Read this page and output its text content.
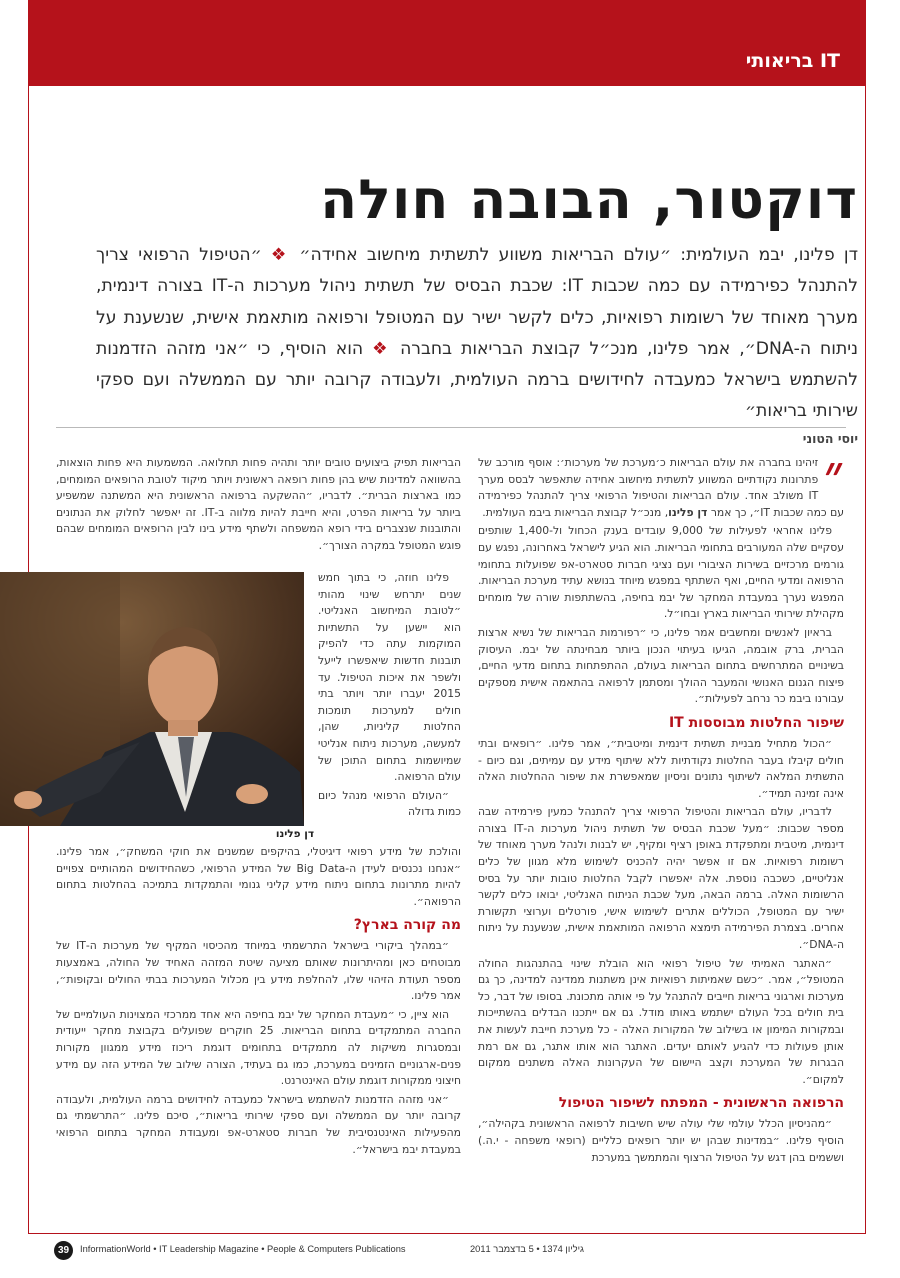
IT בריאותי
דוקטור, הבובה חולה
דן פלינו, יבמ העולמית: ״עולם הבריאות משווע לתשתית מיחשוב אחידה״ ❖ ״הטיפול הרפואי צריך להתנהל כפירמידה עם כמה שכבות IT: שכבת הבסיס של תשתית ניהול מערכות ה-IT בצורה דינמית, מערך מאוחד של רשומות רפואיות, כלים לקשר ישיר עם המטופל ורפואה מותאמת אישית, שנשענת על ניתוח ה-DNA״, אמר פלינו, מנכ״ל קבוצת הבריאות בחברה ❖ הוא הוסיף, כי ״אני מזהה הזדמנות להשתמש בישראל כמעבדה לחידושים ברמה העולמית, ולעבודה קרובה יותר עם הממשלה ועם ספקי שירותי בריאות״
יוסי הטוני

״
זיהינו בחברה את עולם הבריאות כ׳מערכת של מערכות׳: אוסף מורכב של פתרונות נקודתיים המשווע לתשתית מיחשוב אחידה שתאפשר לבסס מערך IT משולב אחד. עולם הבריאות והטיפול הרפואי צריך להתנהל כפירמידה עם כמה שכבות IT״, כך אמר דן פלינו, מנכ״ל קבוצת הבריאות ביבמ העולמית.

פלינו אחראי לפעילות של 9,000 עובדים בענק הכחול ול-1,400 שותפים עסקיים שלה המעורבים בתחומי הבריאות. הוא הגיע לישראל באחרונה, נפגש עם גורמים מרכזיים בשירות הציבורי ועם נציגי חברות סטארט-אפ שפועלות בתחומי הרפואה ומדעי החיים, ואף השתתף במפגש מיוחד בנושא עתיד מערכת הבריאות. המפגש נערך במעבדת המחקר של יבמ בחיפה, בהשתתפות שורה של מומחים מקהילת שירותי הבריאות בארץ ובחו״ל.

בראיון לאנשים ומחשבים אמר פלינו, כי ״רפורמות הבריאות של נשיא ארצות הברית, ברק אובמה, הגיעו בעיתוי הנכון ביותר מבחינתה של יבמ. העיסוק בשינויים המתרחשים בתחום הבריאות בעולם, ההתפתחות בתחום מדעי החיים, פיצוח הגנום האנושי והמעבר ההולך ומסתמן לרפואה בהתאמה אישית מספקים עבורנו ביבמ כר נרחב לפעילות״.

שיפור החלטות מבוססות IT

״הכול מתחיל מבניית תשתית דינמית ומיטבית״, אמר פלינו. ״רופאים ובתי חולים קיבלו בעבר החלטות נקודתיות ללא שיתוף מידע עם עמיתים, וגם כיום - התשתית המלאה לשיתוף נתונים וניסיון שמאפשרת את שיפור ההחלטות האלה אינה זמינה תמיד״.

לדבריו, עולם הבריאות והטיפול הרפואי צריך להתנהל כמעין פירמידה שבה מספר שכבות: ״מעל שכבת הבסיס של תשתית ניהול מערכות ה-IT בצורה דינמית, מיטבית ומתפקדת באופן רציף ומקיף, יש לבנות ולנהל מערך מאוחד של רשומות רפואיות. אם זו אפשר יהיה להכניס לשימוש מלא מגוון של כלים אנליטיים, כשכבה נוספת. אלה יאפשרו לקבל החלטות טובות יותר על בסיס הרשומות האלה. ברמה הבאה, מעל שכבת הניתוח האנליטי, יבואו כלים לקשר ישיר עם המטופל, הכוללים אתרים לשימוש אישי, פורטלים וערוצי תקשורת אחרים. בצמרת הפירמידה תימצא הרפואה המותאמת אישית, שנשענת על ניתוח ה-DNA״.

״האתגר האמיתי של טיפול רפואי הוא הובלת שינוי בהתנהגות החולה המטופל״, אמר. ״כשם שאמיתות רפואיות אינן משתנות ממדינה למדינה, כך גם מערכות וארגוני בריאות חייבים להתנהל על פי אותה מתכונת. בסופו של דבר, כל בית חולים בכל העולם ישתמש באותו מודל. גם אם ייתכנו הבדלים בהשתייכות ובמקורות המימון או בשילוב של המקורות האלה - כל מערכת חייבת לעשות את אותן פעולות כדי להגיע לאותם יעדים. האתגר הוא אותו אתגר, גם אם רמת הבגרות של המערכת וקצב היישום של העקרונות האלה משתנים ממקום למקום״.

הרפואה הראשונית - המפתח לשיפור הטיפול

״מהניסיון הכלל עולמי שלי עולה שיש חשיבות לרפואה הראשונית בקהילה״, הוסיף פלינו. ״במדינות שבהן יש יותר רופאים כלליים (רופאי משפחה - י.ה.) וששמים בהן דגש על הטיפול הרצוף והמתמשך במערכת

הבריאות תפיק ביצועים טובים יותר ותהיה פחות תחלואה. המשמעות היא פחות הוצאות, בהשוואה למדינות שיש בהן פחות רופאה ראשונית ויותר מיקוד לטובת הרופאים המומחים, כמו בארצות הברית״. לדבריו, ״ההשקעה ברפואה הראשונית היא המשתנה שמשפיע ביותר על בריאות הפרט, והיא חייבת להיות מלווה ב-IT. זה יאפשר לחלוק את הנתונים והתובנות שנצברים בידי רופא המשפחה ולשתף מידע בינו לבין הרופאים המומחים שבהם פוגש המטופל במקרה הצורך״.

דן פלינו

פלינו חוזה, כי בתוך חמש שנים יתרחש שינוי מהותי ״לטובת המיחשוב האנליטי. הוא יישען על התשתיות המוקמות עתה כדי להפיק תובנות חדשות שיאפשרו לייעל ולשפר את איכות הטיפול. עד 2015 יעברו יותר ויותר בתי חולים למערכות תומכות החלטות קליניות, שהן, למעשה, מערכות ניתוח אנליטי שמיושמות בתחום התוכן של עולם הרפואה.

״העולם הרפואי מנהל כיום כמות גדולה

והולכת של מידע רפואי דיגיטלי, בהיקפים שמשנים את חוקי המשחק״, אמר פלינו. ״אנחנו נכנסים לעידן ה-Big Data של המידע הרפואי, כשהחידושים המהותיים צפויים להיות מתרונות בתחום ניתוח מידע קליני גנומי והתמקדות בתמיכה בהחלטות בתחום הרפואה״.

מה קורה בארץ?

״במהלך ביקורי בישראל התרשמתי במיוחד מהכיסוי המקיף של מערכות ה-IT של מבוטחים כאן ומהיתרונות שאותם מציעה שיטת המזהה האחיד של החולה, באמצעות מספר תעודת הזיהוי שלו, להחלפת מידע בין מכלול המערכות בבתי החולים ובקופות״, אמר פלינו.

הוא ציין, כי ״מעבדת המחקר של יבמ בחיפה היא אחד ממרכזי המצוינות העולמיים של החברה המתמקדים בתחום הבריאות. 25 חוקרים שפועלים בקבוצת מחקר ייעודית ובמסגרות משיקות לה מתמקדים בתחומים דוגמת ריכוז מידע ממגוון מקורות פנים-ארגוניים הזמינים במערכת, כמו גם בעתיד, הצורה שילוב של המידע הזה עם מידע חיצוני ממקורות דוגמת עולם האינטרנט.

״אני מזהה הזדמנות להשתמש בישראל כמעבדה לחידושים ברמה העולמית, ולעבודה קרובה יותר עם הממשלה ועם ספקי שירותי בריאות״, סיכם פלינו. ״התרשמתי גם מהפעילות האינטנסיבית של חברות סטארט-אפ ומעבודת המחקר בתחום הרפואי במעבדת יבמ בישראל״.

39	InformationWorld • IT Leadership Magazine • People & Computers Publications	גיליון 1374 • 5 בדצמבר 2011
